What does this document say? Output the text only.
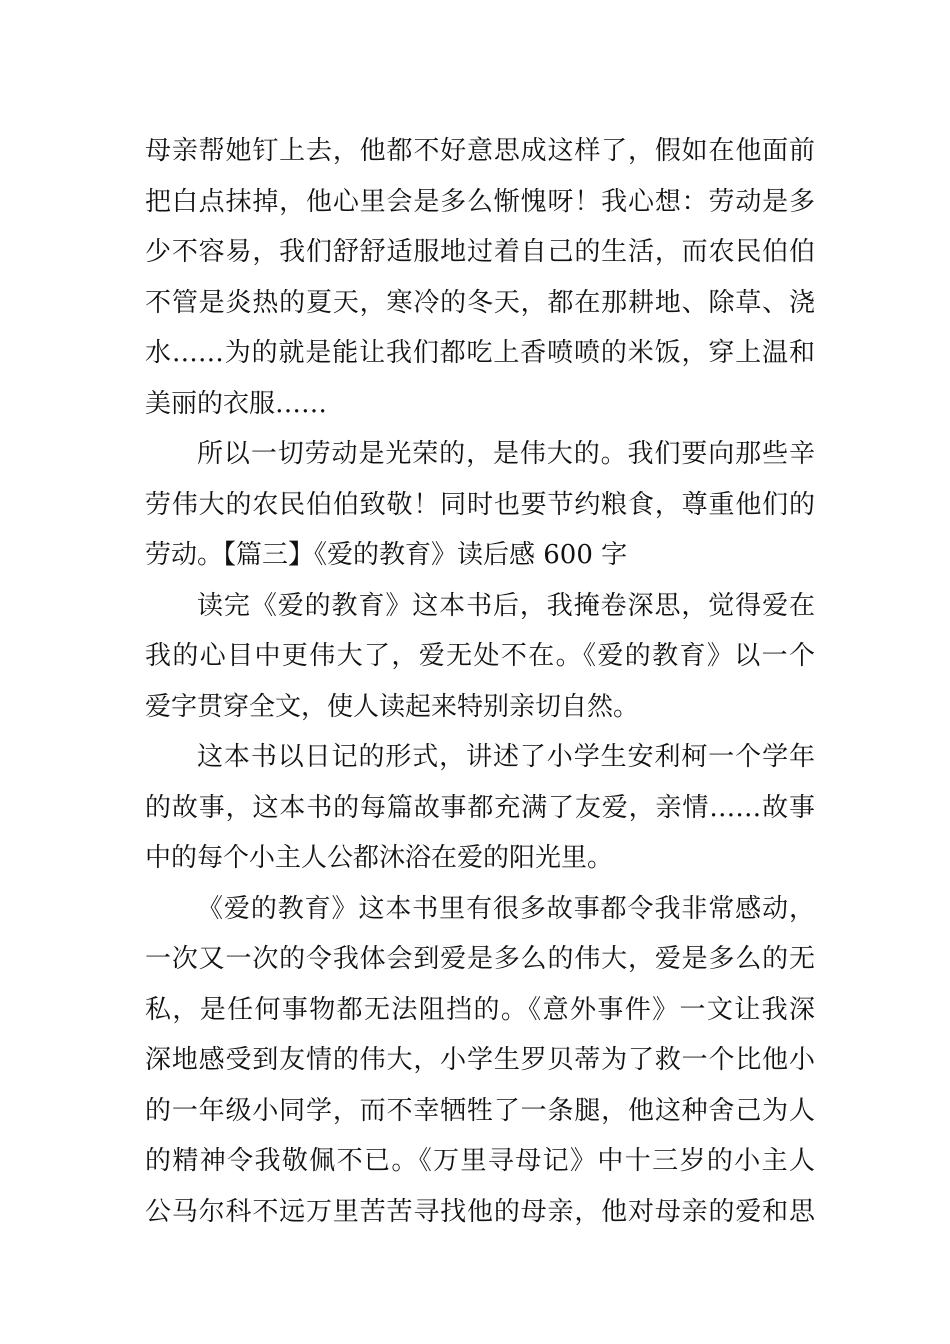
母亲帮她钉上去，他都不好意思成这样了，假如在他面前
把白点抹掉，他心里会是多么惭愧呀！我心想：劳动是多
少不容易，我们舒舒适服地过着自己的生活，而农民伯伯
不管是炎热的夏天，寒冷的冬天，都在那耕地、除草、浇
水……为的就是能让我们都吃上香喷喷的米饭，穿上温和
美丽的衣服……
所以一切劳动是光荣的，是伟大的。我们要向那些辛
劳伟大的农民伯伯致敬！同时也要节约粮食，尊重他们的
劳动。【篇三】《爱的教育》读后感 600 字
读完《爱的教育》这本书后，我掩卷深思，觉得爱在
我的心目中更伟大了，爱无处不在。《爱的教育》以一个
爱字贯穿全文，使人读起来特别亲切自然。
这本书以日记的形式，讲述了小学生安利柯一个学年
的故事，这本书的每篇故事都充满了友爱，亲情……故事
中的每个小主人公都沐浴在爱的阳光里。
《爱的教育》这本书里有很多故事都令我非常感动，
一次又一次的令我体会到爱是多么的伟大，爱是多么的无
私，是任何事物都无法阻挡的。《意外事件》一文让我深
深地感受到友情的伟大，小学生罗贝蒂为了救一个比他小
的一年级小同学，而不幸牺牲了一条腿，他这种舍己为人
的精神令我敬佩不已。《万里寻母记》中十三岁的小主人
公马尔科不远万里苦苦寻找他的母亲，他对母亲的爱和思
